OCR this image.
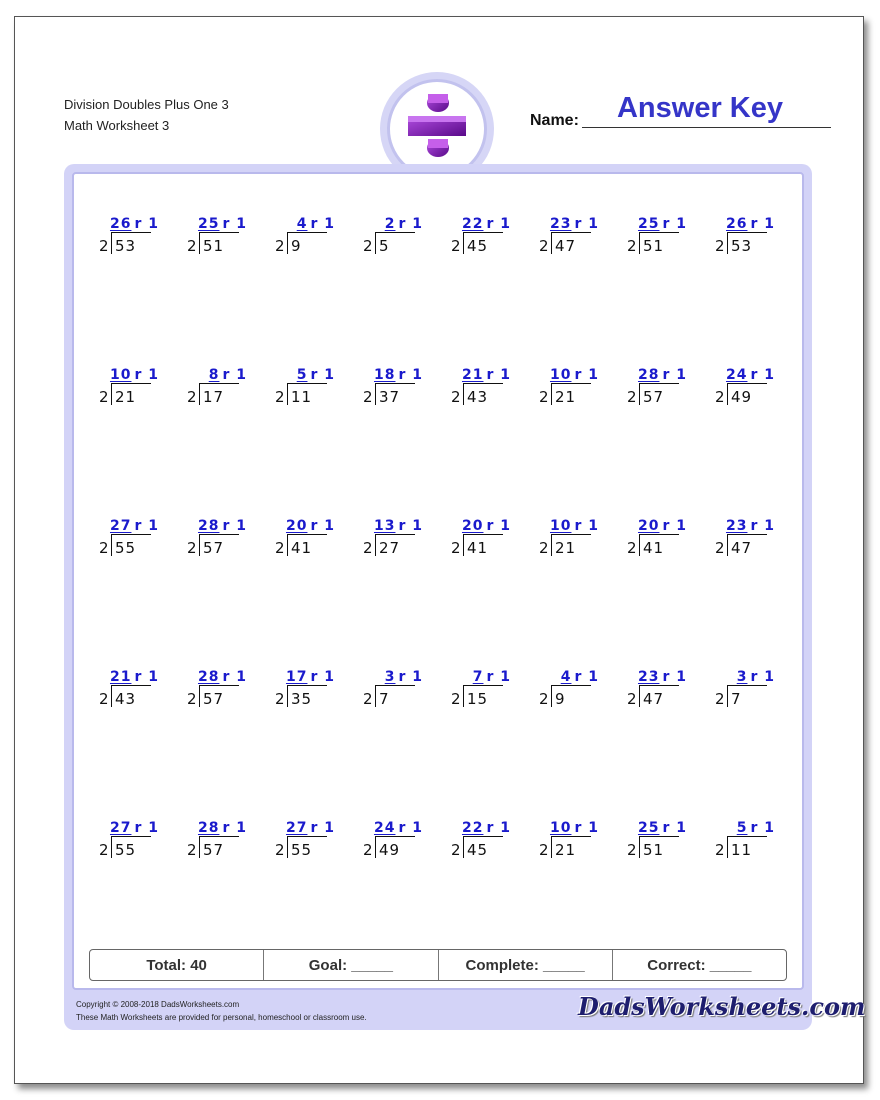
Division Doubles Plus One 3
Math Worksheet 3
Answer Key
Name:
26 r 1
2 53
25 r 1
2 51
4 r 1
2 9
2 r 1
2 5
22 r 1
2 45
23 r 1
2 47
25 r 1
2 51
26 r 1
2 53
10 r 1
2 21
8 r 1
2 17
5 r 1
2 11
18 r 1
2 37
21 r 1
2 43
10 r 1
2 21
28 r 1
2 57
24 r 1
2 49
27 r 1
2 55
28 r 1
2 57
20 r 1
2 41
13 r 1
2 27
20 r 1
2 41
10 r 1
2 21
20 r 1
2 41
23 r 1
2 47
21 r 1
2 43
28 r 1
2 57
17 r 1
2 35
3 r 1
2 7
7 r 1
2 15
4 r 1
2 9
23 r 1
2 47
3 r 1
2 7
27 r 1
2 55
28 r 1
2 57
27 r 1
2 55
24 r 1
2 49
22 r 1
2 45
10 r 1
2 21
25 r 1
2 51
5 r 1
2 11
Total: 40	Goal: _____	Complete: _____	Correct: _____
Copyright © 2008-2018 DadsWorksheets.com
These Math Worksheets are provided for personal, homeschool or classroom use.	DadsWorksheets.com
